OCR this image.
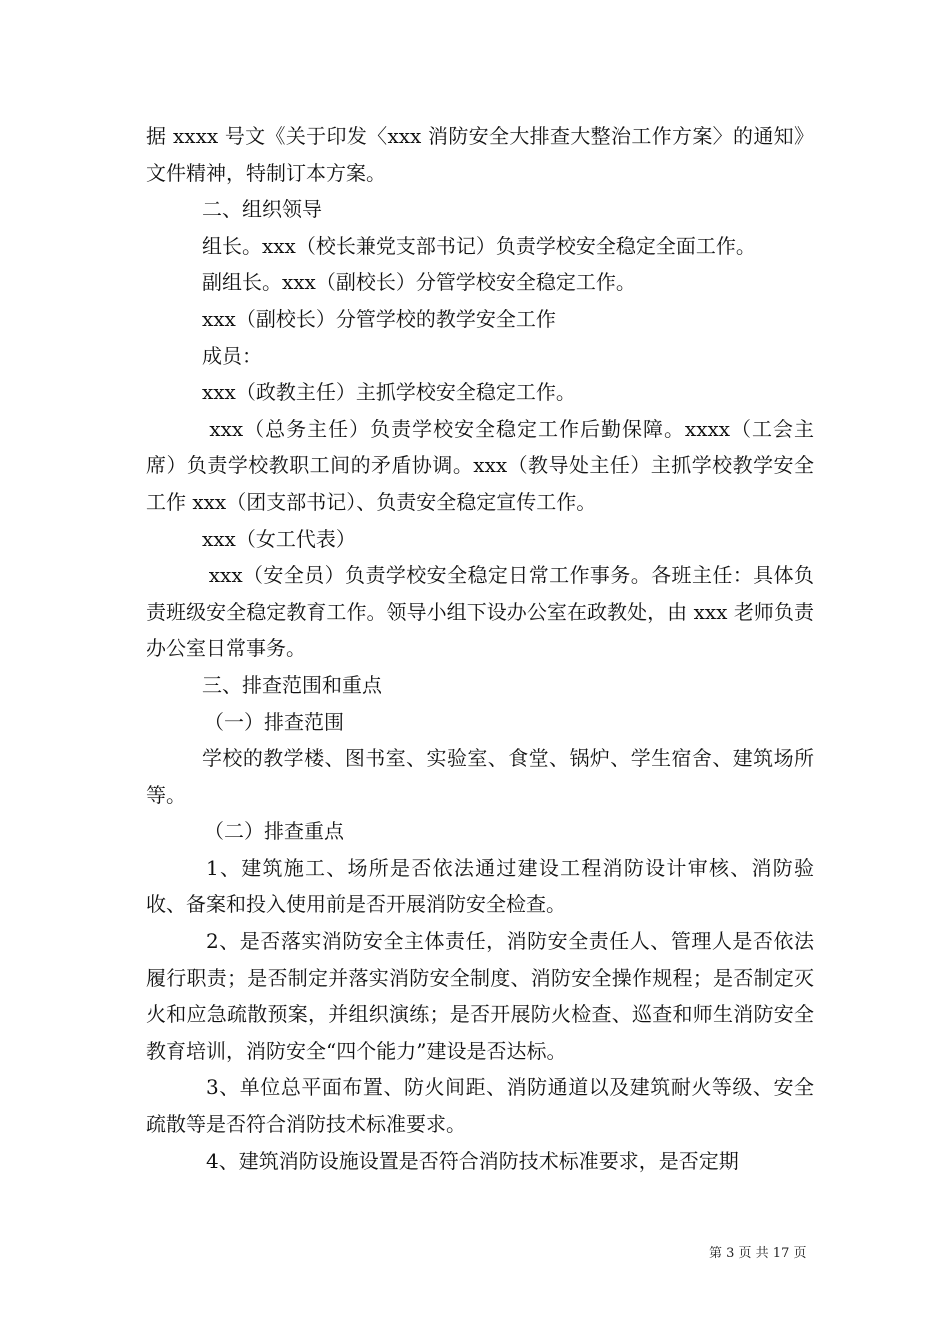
据 xxxx 号文《关于印发〈xxx 消防安全大排查大整治工作方案〉的通知》文件精神，特制订本方案。

二、组织领导

组长。xxx（校长兼党支部书记）负责学校安全稳定全面工作。

副组长。xxx（副校长）分管学校安全稳定工作。

xxx（副校长）分管学校的教学安全工作

成员：

xxx（政教主任）主抓学校安全稳定工作。

xxx（总务主任）负责学校安全稳定工作后勤保障。xxxx（工会主席）负责学校教职工间的矛盾协调。xxx（教导处主任）主抓学校教学安全工作 xxx（团支部书记）、负责安全稳定宣传工作。

xxx（女工代表）

xxx（安全员）负责学校安全稳定日常工作事务。各班主任：具体负责班级安全稳定教育工作。领导小组下设办公室在政教处，由 xxx 老师负责办公室日常事务。

三、排查范围和重点

（一）排查范围

学校的教学楼、图书室、实验室、食堂、锅炉、学生宿舍、建筑场所等。

（二）排查重点

1、建筑施工、场所是否依法通过建设工程消防设计审核、消防验收、备案和投入使用前是否开展消防安全检查。

2、是否落实消防安全主体责任，消防安全责任人、管理人是否依法履行职责；是否制定并落实消防安全制度、消防安全操作规程；是否制定灭火和应急疏散预案，并组织演练；是否开展防火检查、巡查和师生消防安全教育培训，消防安全“四个能力”建设是否达标。

3、单位总平面布置、防火间距、消防通道以及建筑耐火等级、安全疏散等是否符合消防技术标准要求。

4、建筑消防设施设置是否符合消防技术标准要求，是否定期

第 3 页 共 17 页
